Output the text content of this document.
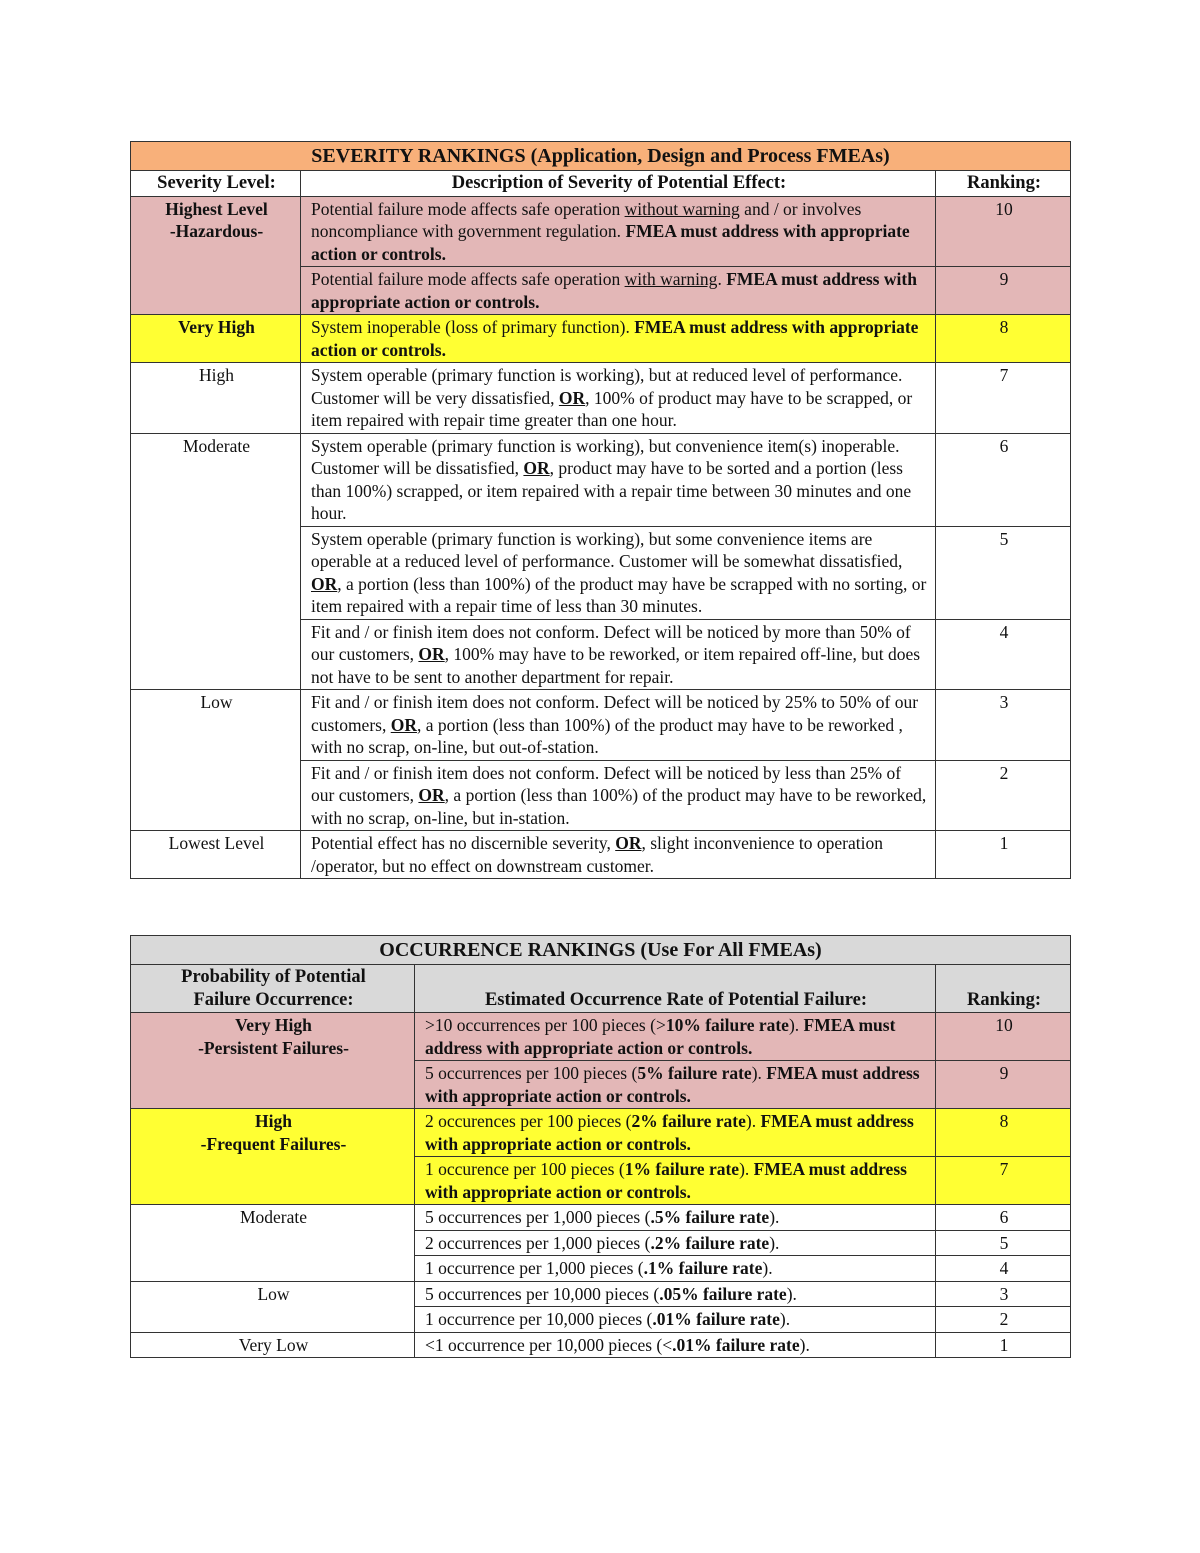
SEVERITY RANKINGS (Application, Design and Process FMEAs)		
Severity Level:	Description of Severity of Potential Effect:	Ranking:

Highest Level
-Hazardous-	Potential failure mode affects safe operation without warning and / or involves noncompliance with government regulation. FMEA must address with appropriate action or controls.	10
	Potential failure mode affects safe operation with warning. FMEA must address with appropriate action or controls.	9
Very High	System inoperable (loss of primary function). FMEA must address with appropriate action or controls.	8
High	System operable (primary function is working), but at reduced level of performance. Customer will be very dissatisfied, OR, 100% of product may have to be scrapped, or item repaired with repair time greater than one hour.	7
Moderate	System operable (primary function is working), but convenience item(s) inoperable. Customer will be dissatisfied, OR, product may have to be sorted and a portion (less than 100%) scrapped, or item repaired with a repair time between 30 minutes and one hour.	6
	System operable (primary function is working), but some convenience items are operable at a reduced level of performance. Customer will be somewhat dissatisfied, OR, a portion (less than 100%) of the product may have be scrapped with no sorting, or item repaired with a repair time of less than 30 minutes.	5
	Fit and / or finish item does not conform. Defect will be noticed by more than 50% of our customers, OR, 100% may have to be reworked, or item repaired off-line, but does not have to be sent to another department for repair.	4
Low	Fit and / or finish item does not conform. Defect will be noticed by 25% to 50% of our customers, OR, a portion (less than 100%) of the product may have to be reworked , with no scrap, on-line, but out-of-station.	3
	Fit and / or finish item does not conform. Defect will be noticed by less than 25% of our customers, OR, a portion (less than 100%) of the product may have to be reworked, with no scrap, on-line, but in-station.	2
Lowest Level	Potential effect has no discernible severity, OR, slight inconvenience to operation /operator, but no effect on downstream customer.	1
OCCURRENCE RANKINGS (Use For All FMEAs)		

Probability of Potential
Failure Occurrence:	Estimated Occurrence Rate of Potential Failure:	Ranking:

Very High
-Persistent Failures-	>10 occurrences per 100 pieces (>10% failure rate). FMEA must address with appropriate action or controls.	10
	5 occurrences per 100 pieces (5% failure rate). FMEA must address with appropriate action or controls.	9

High
-Frequent Failures-	2 occurences per 100 pieces (2% failure rate). FMEA must address with appropriate action or controls.	8
	1 occurence per 100 pieces (1% failure rate). FMEA must address with appropriate action or controls.	7
Moderate	5 occurrences per 1,000 pieces (.5% failure rate).	6
	2 occurrences per 1,000 pieces (.2% failure rate).	5
	1 occurrence per 1,000 pieces (.1% failure rate).	4
Low	5 occurrences per 10,000 pieces (.05% failure rate).	3
	1 occurrence per 10,000 pieces (.01% failure rate).	2
Very Low	<1 occurrence per 10,000 pieces (<.01% failure rate).	1
